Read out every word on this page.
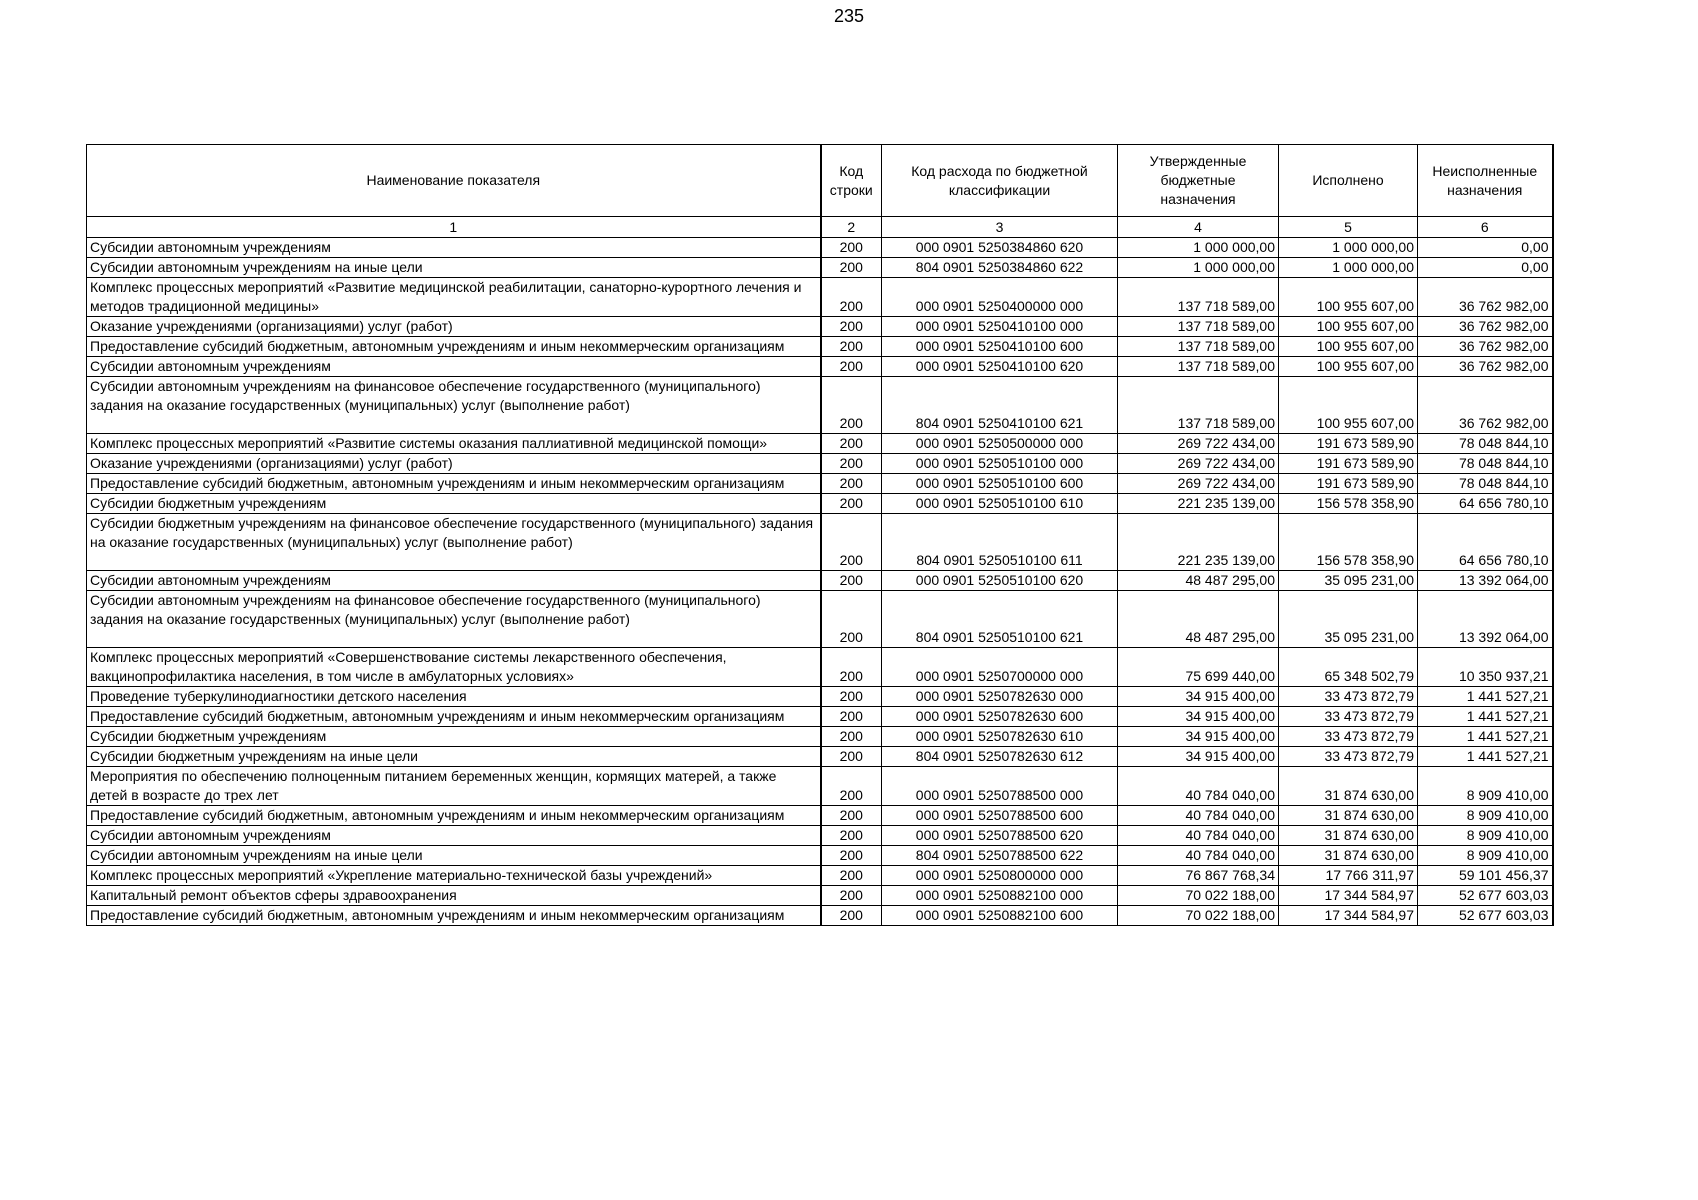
235
Наименование показателя	Код строки	Код расхода по бюджетной классификации	Утвержденные бюджетные назначения	Исполнено	Неисполненные назначения
1	2	3	4	5	6
Субсидии автономным учреждениям	200	000 0901 5250384860 620	1 000 000,00	1 000 000,00	0,00
Субсидии автономным учреждениям на иные цели	200	804 0901 5250384860 622	1 000 000,00	1 000 000,00	0,00
Комплекс процессных мероприятий «Развитие медицинской реабилитации, санаторно-курортного лечения и методов традиционной медицины»	200	000 0901 5250400000 000	137 718 589,00	100 955 607,00	36 762 982,00
Оказание учреждениями (организациями) услуг (работ)	200	000 0901 5250410100 000	137 718 589,00	100 955 607,00	36 762 982,00
Предоставление субсидий бюджетным, автономным учреждениям и иным некоммерческим организациям	200	000 0901 5250410100 600	137 718 589,00	100 955 607,00	36 762 982,00
Субсидии автономным учреждениям	200	000 0901 5250410100 620	137 718 589,00	100 955 607,00	36 762 982,00
Субсидии автономным учреждениям на финансовое обеспечение государственного (муниципального) задания на оказание государственных (муниципальных) услуг (выполнение работ)	200	804 0901 5250410100 621	137 718 589,00	100 955 607,00	36 762 982,00
Комплекс процессных мероприятий «Развитие системы оказания паллиативной медицинской помощи»	200	000 0901 5250500000 000	269 722 434,00	191 673 589,90	78 048 844,10
Оказание учреждениями (организациями) услуг (работ)	200	000 0901 5250510100 000	269 722 434,00	191 673 589,90	78 048 844,10
Предоставление субсидий бюджетным, автономным учреждениям и иным некоммерческим организациям	200	000 0901 5250510100 600	269 722 434,00	191 673 589,90	78 048 844,10
Субсидии бюджетным учреждениям	200	000 0901 5250510100 610	221 235 139,00	156 578 358,90	64 656 780,10
Субсидии бюджетным учреждениям на финансовое обеспечение государственного (муниципального) задания на оказание государственных (муниципальных) услуг (выполнение работ)	200	804 0901 5250510100 611	221 235 139,00	156 578 358,90	64 656 780,10
Субсидии автономным учреждениям	200	000 0901 5250510100 620	48 487 295,00	35 095 231,00	13 392 064,00
Субсидии автономным учреждениям на финансовое обеспечение государственного (муниципального) задания на оказание государственных (муниципальных) услуг (выполнение работ)	200	804 0901 5250510100 621	48 487 295,00	35 095 231,00	13 392 064,00
Комплекс процессных мероприятий «Совершенствование системы лекарственного обеспечения, вакцинопрофилактика населения, в том числе в амбулаторных условиях»	200	000 0901 5250700000 000	75 699 440,00	65 348 502,79	10 350 937,21
Проведение туберкулинодиагностики детского населения	200	000 0901 5250782630 000	34 915 400,00	33 473 872,79	1 441 527,21
Предоставление субсидий бюджетным, автономным учреждениям и иным некоммерческим организациям	200	000 0901 5250782630 600	34 915 400,00	33 473 872,79	1 441 527,21
Субсидии бюджетным учреждениям	200	000 0901 5250782630 610	34 915 400,00	33 473 872,79	1 441 527,21
Субсидии бюджетным учреждениям на иные цели	200	804 0901 5250782630 612	34 915 400,00	33 473 872,79	1 441 527,21
Мероприятия по обеспечению полноценным питанием беременных женщин, кормящих матерей, а также детей в возрасте до трех лет	200	000 0901 5250788500 000	40 784 040,00	31 874 630,00	8 909 410,00
Предоставление субсидий бюджетным, автономным учреждениям и иным некоммерческим организациям	200	000 0901 5250788500 600	40 784 040,00	31 874 630,00	8 909 410,00
Субсидии автономным учреждениям	200	000 0901 5250788500 620	40 784 040,00	31 874 630,00	8 909 410,00
Субсидии автономным учреждениям на иные цели	200	804 0901 5250788500 622	40 784 040,00	31 874 630,00	8 909 410,00
Комплекс процессных мероприятий «Укрепление материально-технической базы учреждений»	200	000 0901 5250800000 000	76 867 768,34	17 766 311,97	59 101 456,37
Капитальный ремонт объектов сферы здравоохранения	200	000 0901 5250882100 000	70 022 188,00	17 344 584,97	52 677 603,03
Предоставление субсидий бюджетным, автономным учреждениям и иным некоммерческим организациям	200	000 0901 5250882100 600	70 022 188,00	17 344 584,97	52 677 603,03
